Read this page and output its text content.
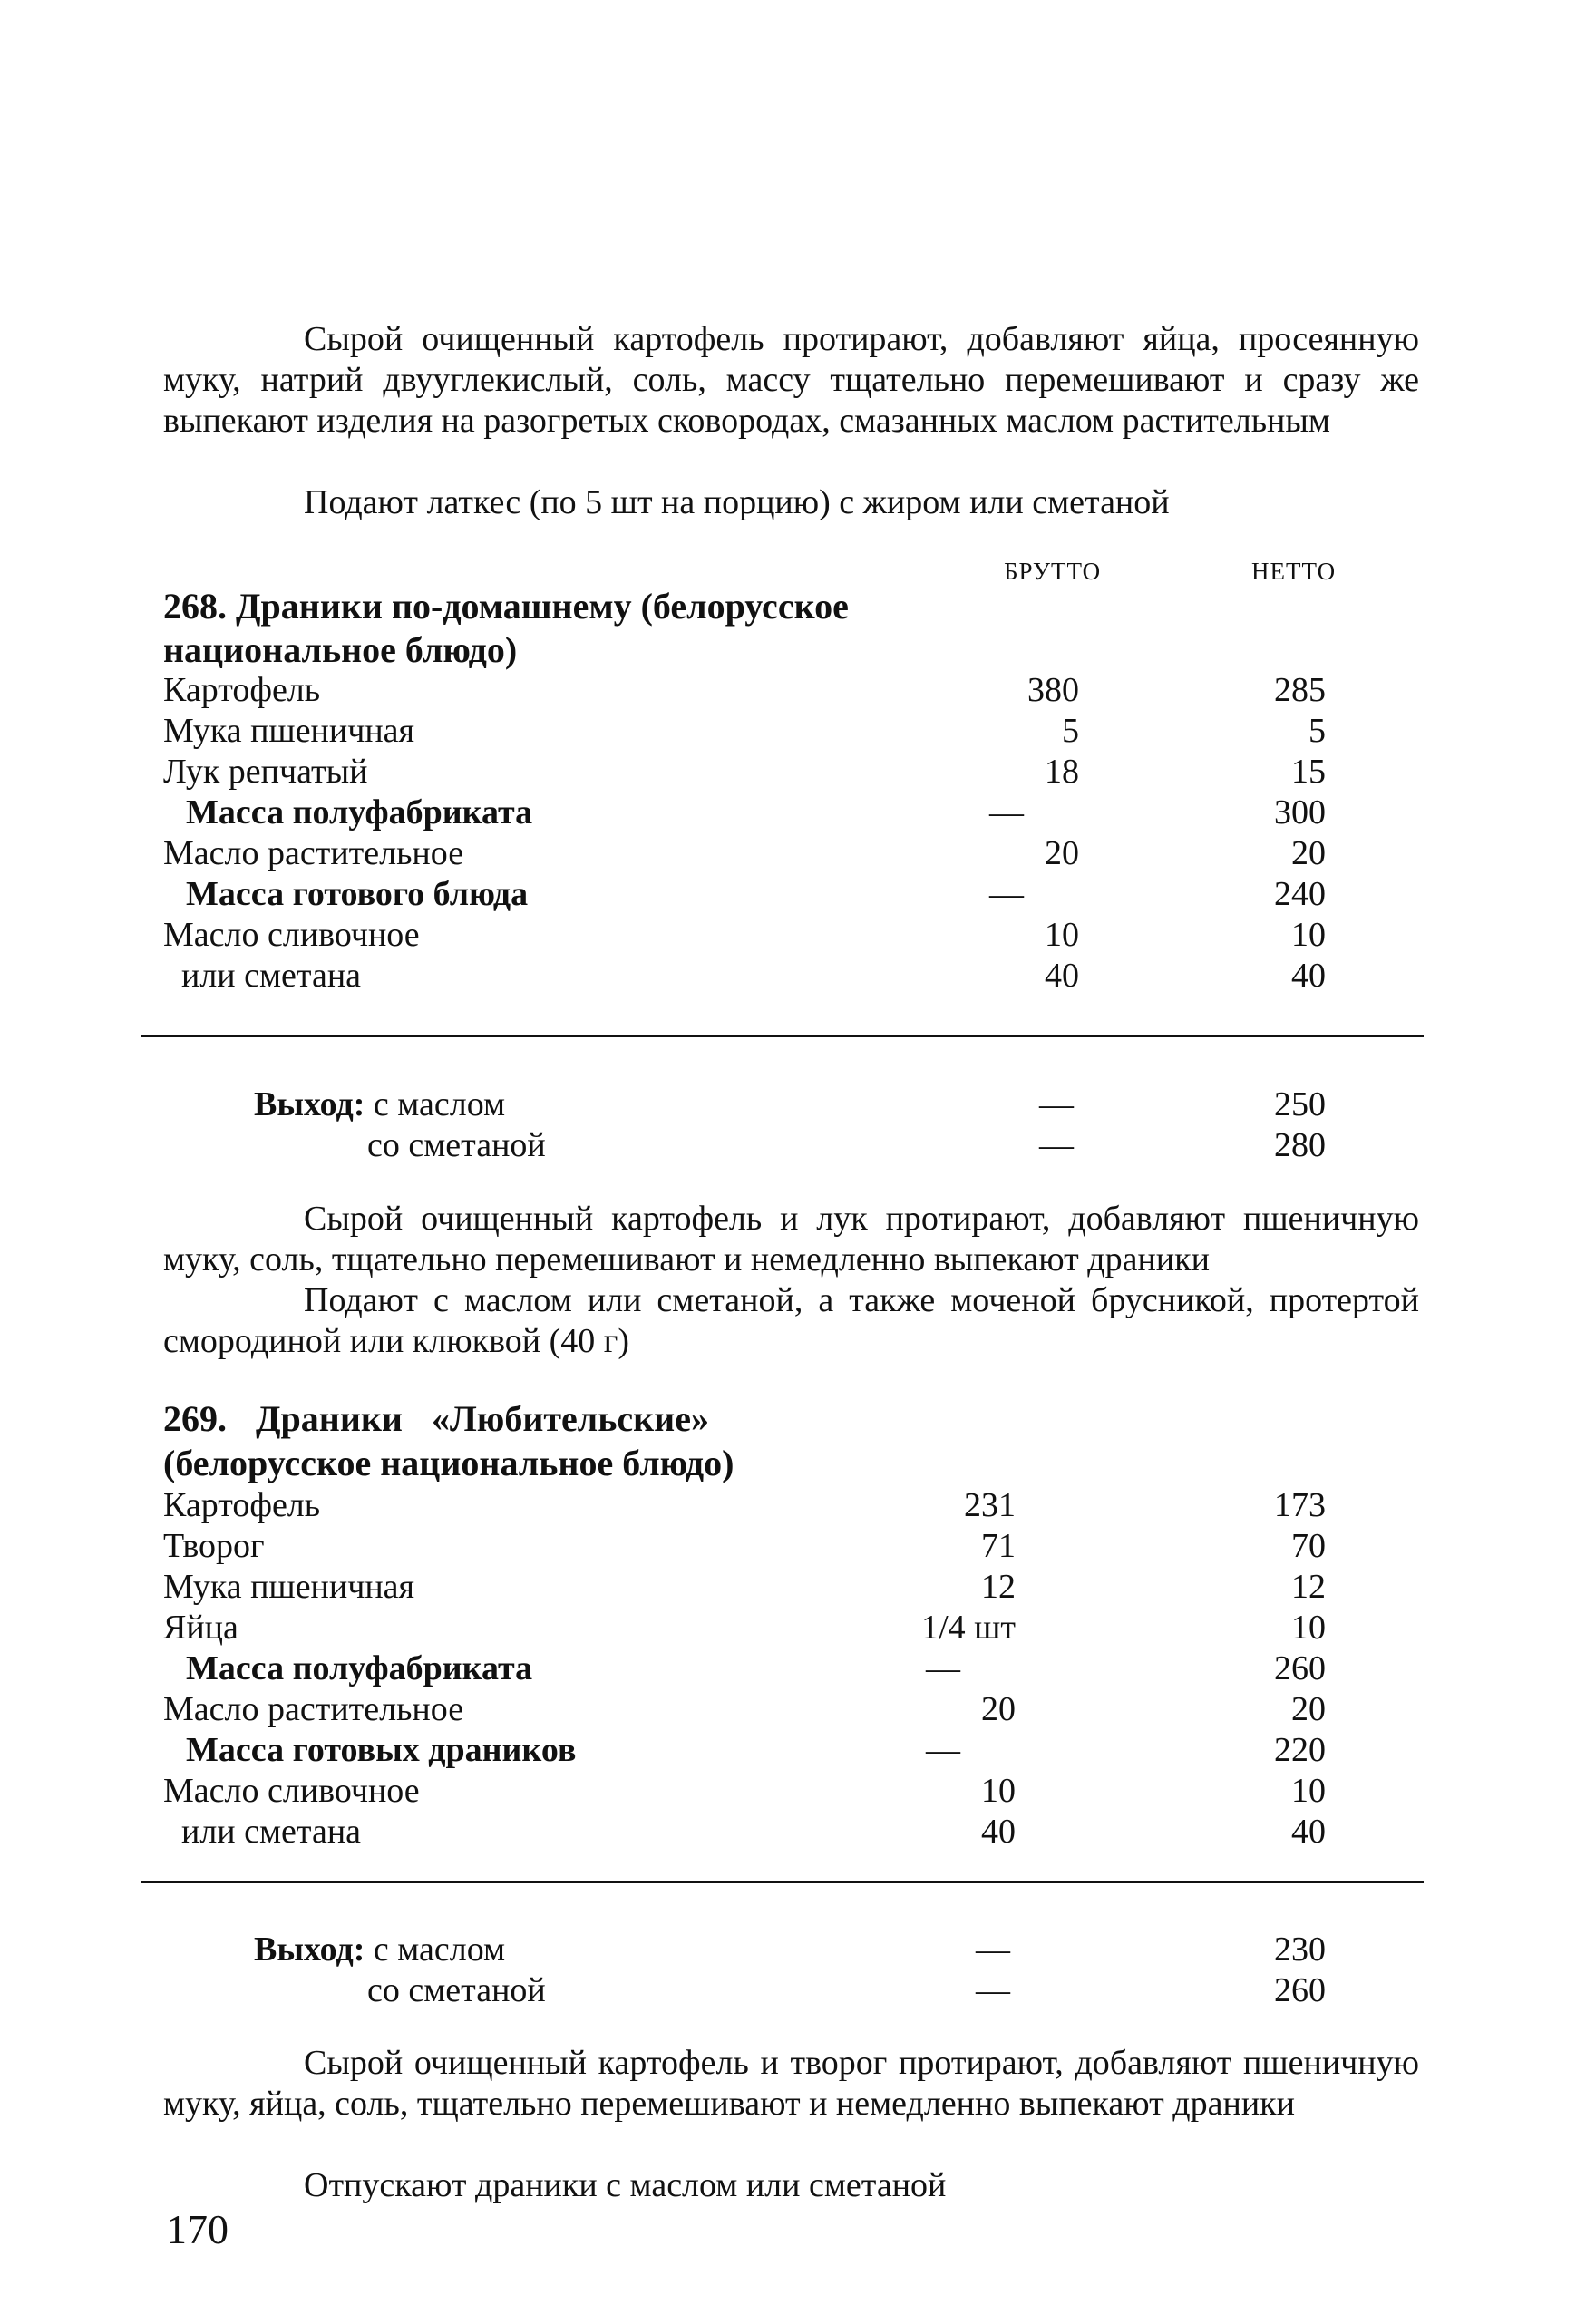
Сырой очищенный картофель протирают, добавляют яйца, просеянную муку, натрий двууглекислый, соль, массу тщательно перемешивают и сразу же выпекают изделия на разогретых сковородах, смазанных маслом растительным

Подают латкес (по 5 шт на порцию) с жиром или сметаной

БРУТТО	НЕТТО
268. Драники по-домашнему (белорусское
национальное блюдо)
Картофель	380	285
Мука пшеничная	5	5
Лук репчатый	18	15
Масса полуфабриката	—	300
Масло растительное	20	20
Масса готового блюда	—	240
Масло сливочное	10	10
или сметана	40	40
Выход: с маслом	—	250
со сметаной	—	280

Сырой очищенный картофель и лук протирают, добавляют пшеничную муку, соль, тщательно перемешивают и немедленно выпекают драники

Подают с маслом или сметаной, а также моченой брусникой, протертой смородиной или клюквой (40 г)

269. Драники «Любительские»
(белорусское национальное блюдо)
Картофель	231	173
Творог	71	70
Мука пшеничная	12	12
Яйца	1/4 шт	10
Масса полуфабриката	—	260
Масло растительное	20	20
Масса готовых драников	—	220
Масло сливочное	10	10
или сметана	40	40
Выход: с маслом	—	230
со сметаной	—	260

Сырой очищенный картофель и творог протирают, добавляют пшеничную муку, яйца, соль, тщательно перемешивают и немедленно выпекают драники

Отпускают драники с маслом или сметаной

170
